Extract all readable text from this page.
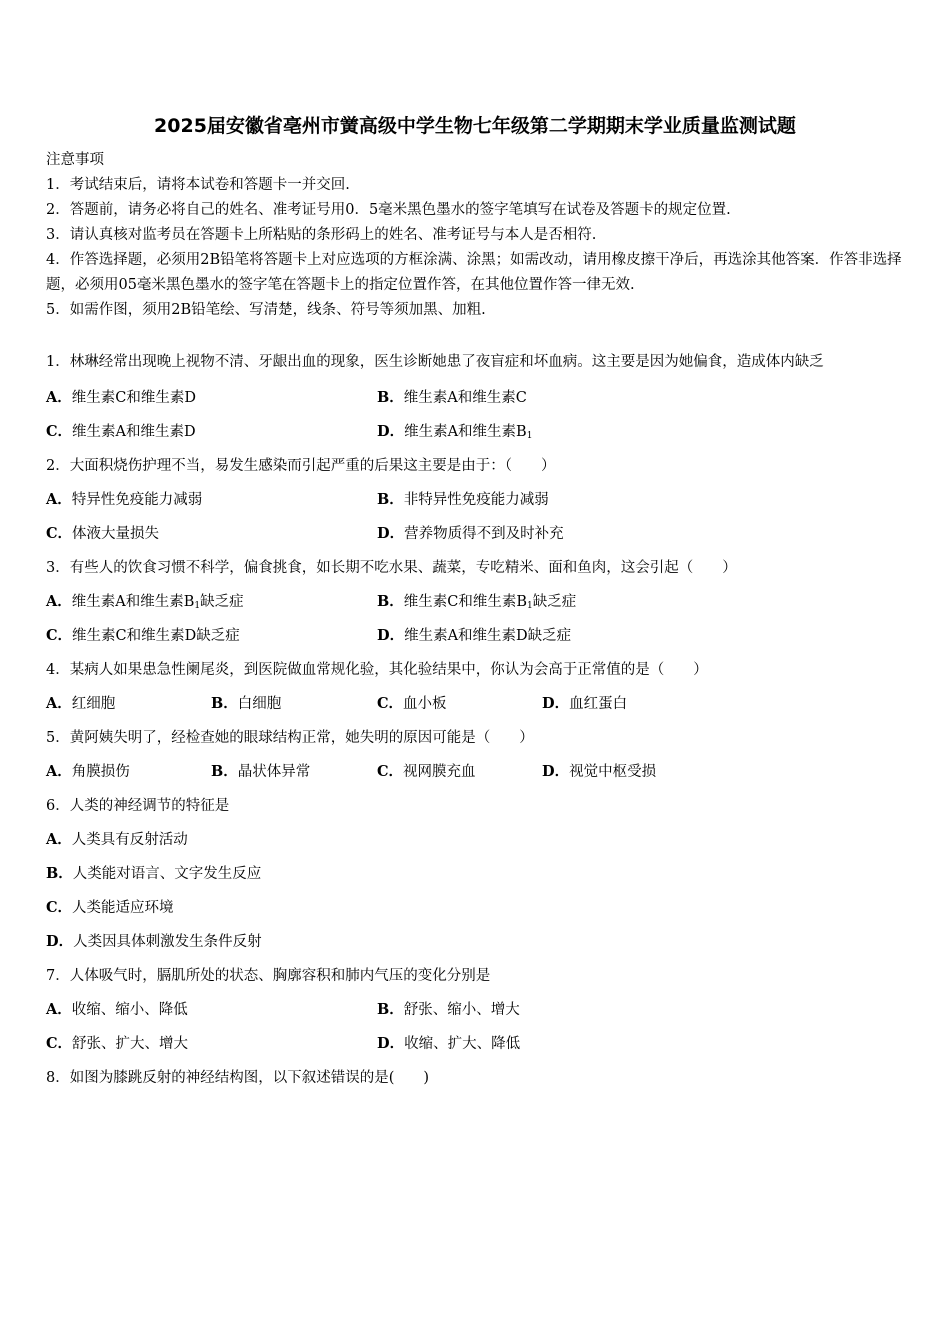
2025届安徽省亳州市黉高级中学生物七年级第二学期期末学业质量监测试题
注意事项
1．考试结束后，请将本试卷和答题卡一并交回.
2．答题前，请务必将自己的姓名、准考证号用0．5毫米黑色墨水的签字笔填写在试卷及答题卡的规定位置.
3．请认真核对监考员在答题卡上所粘贴的条形码上的姓名、准考证号与本人是否相符.
4．作答选择题，必须用2B铅笔将答题卡上对应选项的方框涂满、涂黑；如需改动，请用橡皮擦干净后，再选涂其他答案．作答非选择题，必须用05毫米黑色墨水的签字笔在答题卡上的指定位置作答，在其他位置作答一律无效.
5．如需作图，须用2B铅笔绘、写清楚，线条、符号等须加黑、加粗.
1．林琳经常出现晚上视物不清、牙龈出血的现象，医生诊断她患了夜盲症和坏血病。这主要是因为她偏食，造成体内缺乏
A．维生素C和维生素D	B．维生素A和维生素C
C．维生素A和维生素D	D．维生素A和维生素$B_1$
2．大面积烧伤护理不当，易发生感染而引起严重的后果这主要是由于：（　　）
A．特异性免疫能力减弱	B．非特异性免疫能力减弱
C．体液大量损失	D．营养物质得不到及时补充
3．有些人的饮食习惯不科学，偏食挑食，如长期不吃水果、蔬菜，专吃精米、面和鱼肉，这会引起（　　）
A．维生素A和维生素$B_1$缺乏症	B．维生素C和维生素$B_1$缺乏症
C．维生素C和维生素D缺乏症	D．维生素A和维生素D缺乏症
4．某病人如果患急性阑尾炎，到医院做血常规化验，其化验结果中，你认为会高于正常值的是（　　）
A．红细胞	B．白细胞	C．血小板	D．血红蛋白
5．黄阿姨失明了，经检查她的眼球结构正常，她失明的原因可能是（　　）
A．角膜损伤	B．晶状体异常	C．视网膜充血	D．视觉中枢受损
6．人类的神经调节的特征是
A．人类具有反射活动
B．人类能对语言、文字发生反应
C．人类能适应环境
D．人类因具体刺激发生条件反射
7．人体吸气时，膈肌所处的状态、胸廓容积和肺内气压的变化分别是
A．收缩、缩小、降低	B．舒张、缩小、增大
C．舒张、扩大、增大	D．收缩、扩大、降低
8．如图为膝跳反射的神经结构图，以下叙述错误的是(　　)
